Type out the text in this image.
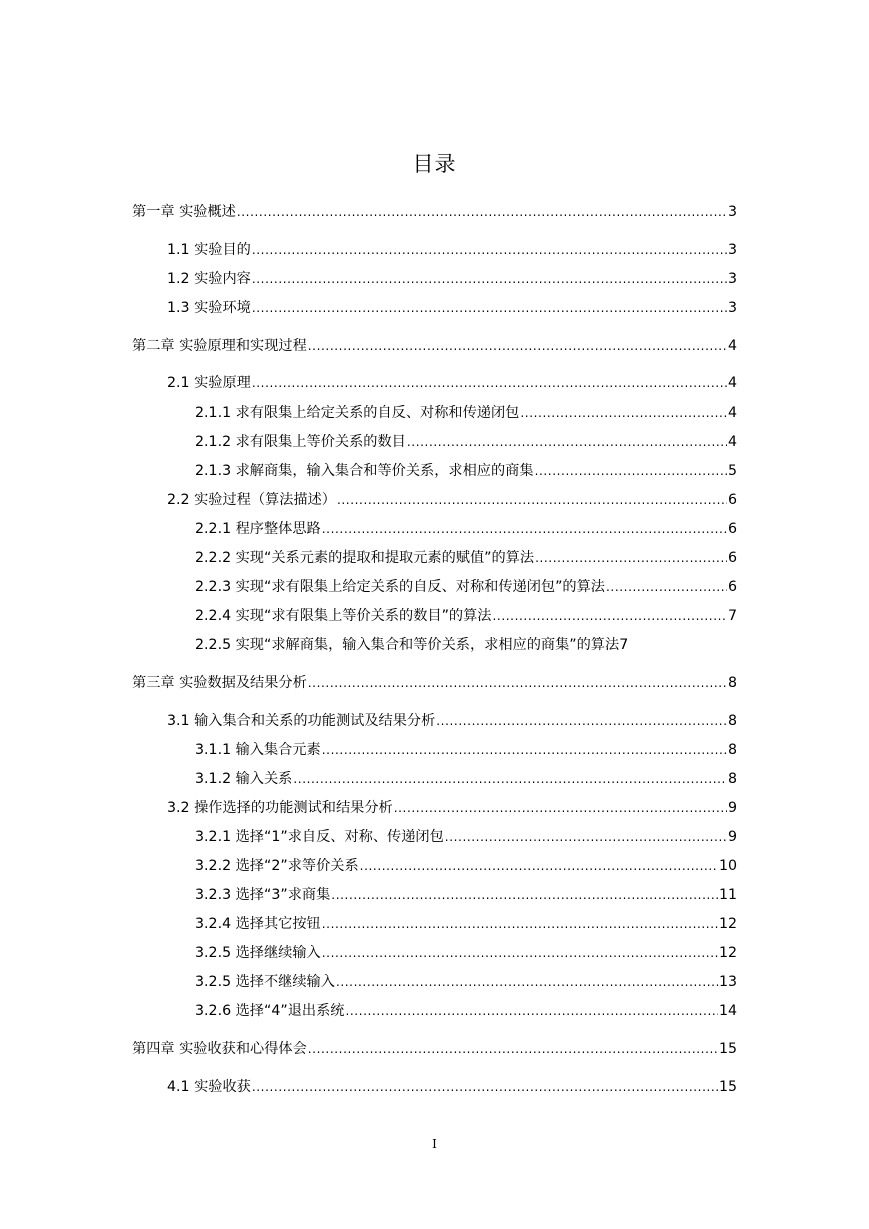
目录
第一章 实验概述 .....	3
1.1 实验目的 .....	3
1.2 实验内容 .....	3
1.3 实验环境 .....	3
第二章 实验原理和实现过程 .....	4
2.1 实验原理 .....	4
2.1.1 求有限集上给定关系的自反、对称和传递闭包 .....	4
2.1.2 求有限集上等价关系的数目 .....	4
2.1.3 求解商集，输入集合和等价关系，求相应的商集 .....	5
2.2 实验过程（算法描述） .....	6
2.2.1 程序整体思路 .....	6
2.2.2 实现“关系元素的提取和提取元素的赋值”的算法 .....	6
2.2.3 实现“求有限集上给定关系的自反、对称和传递闭包”的算法 .....	6
2.2.4 实现“求有限集上等价关系的数目”的算法 .....	7
2.2.5 实现“求解商集，输入集合和等价关系，求相应的商集”的算法 7
第三章 实验数据及结果分析 .....	8
3.1 输入集合和关系的功能测试及结果分析 .....	8
3.1.1 输入集合元素 .....	8
3.1.2 输入关系 .....	8
3.2 操作选择的功能测试和结果分析 .....	9
3.2.1 选择“1”求自反、对称、传递闭包 .....	9
3.2.2 选择“2”求等价关系 .....	10
3.2.3 选择“3”求商集 .....	11
3.2.4 选择其它按钮 .....	12
3.2.5 选择继续输入 .....	12
3.2.5 选择不继续输入 .....	13
3.2.6 选择“4”退出系统 .....	14
第四章 实验收获和心得体会 .....	15
4.1 实验收获 .....	15
I
